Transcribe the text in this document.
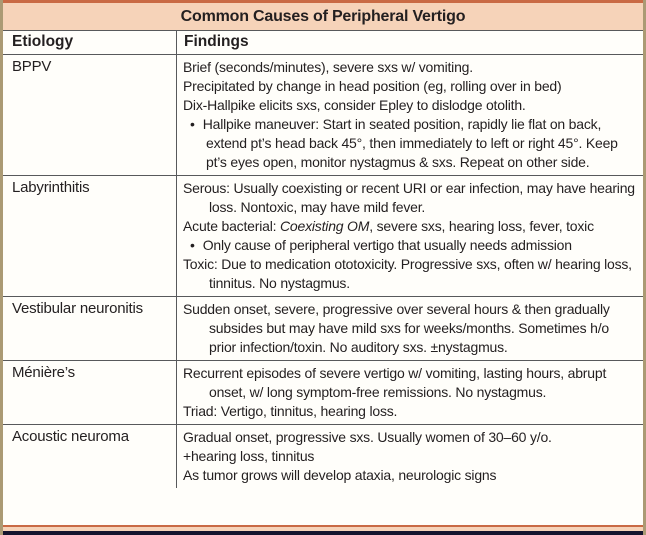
Common Causes of Peripheral Vertigo
Etiology	Findings
BPPV	Brief (seconds/minutes), severe sxs w/ vomiting.
Precipitated by change in head position (eg, rolling over in bed)
Dix-Hallpike elicits sxs, consider Epley to dislodge otolith.
• Hallpike maneuver: Start in seated position, rapidly lie flat on back, extend pt’s head back 45°, then immediately to left or right 45°. Keep pt’s eyes open, monitor nystagmus & sxs. Repeat on other side.
Labyrinthitis	Serous: Usually coexisting or recent URI or ear infection, may have hearing loss. Nontoxic, may have mild fever.
Acute bacterial: Coexisting OM, severe sxs, hearing loss, fever, toxic
• Only cause of peripheral vertigo that usually needs admission
Toxic: Due to medication ototoxicity. Progressive sxs, often w/ hearing loss, tinnitus. No nystagmus.
Vestibular neuronitis	Sudden onset, severe, progressive over several hours & then gradually subsides but may have mild sxs for weeks/months. Sometimes h/o prior infection/toxin. No auditory sxs. ±nystagmus.
Ménière’s	Recurrent episodes of severe vertigo w/ vomiting, lasting hours, abrupt onset, w/ long symptom-free remissions. No nystagmus.
Triad: Vertigo, tinnitus, hearing loss.
Acoustic neuroma	Gradual onset, progressive sxs. Usually women of 30–60 y/o.
+hearing loss, tinnitus
As tumor grows will develop ataxia, neurologic signs
